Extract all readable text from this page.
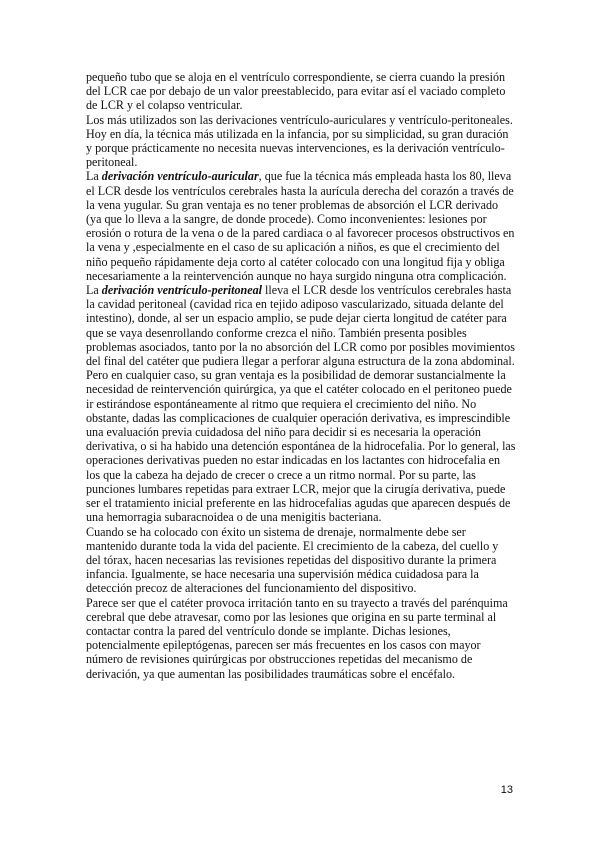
pequeño tubo que se aloja en el ventrículo correspondiente, se cierra cuando la presión del LCR cae por debajo de un valor preestablecido, para evitar así el vaciado completo de LCR y el colapso ventricular.

Los más utilizados son las derivaciones ventrículo-auriculares y ventrículo-peritoneales. Hoy en día, la técnica más utilizada en la infancia, por su simplicidad, su gran duración y porque prácticamente no necesita nuevas intervenciones, es la derivación ventrículo-peritoneal.

La derivación ventrículo-auricular, que fue la técnica más empleada hasta los 80, lleva el LCR desde los ventrículos cerebrales hasta la aurícula derecha del corazón a través de la vena yugular. Su gran ventaja es no tener problemas de absorción el LCR derivado (ya que lo lleva a la sangre, de donde procede). Como inconvenientes: lesiones por erosión o rotura de la vena o de la pared cardiaca o al favorecer procesos obstructivos en la vena y ,especialmente en el caso de su aplicación a niños, es que el crecimiento del niño pequeño rápidamente deja corto al catéter colocado con una longitud fija y obliga necesariamente a la reintervención aunque no haya surgido ninguna otra complicación.

La derivación ventrículo-peritoneal lleva el LCR desde los ventrículos cerebrales hasta la cavidad peritoneal (cavidad rica en tejido adiposo vascularizado, situada delante del intestino), donde, al ser un espacio amplio, se pude dejar cierta longitud de catéter para que se vaya desenrollando conforme crezca el niño. También presenta posibles problemas asociados, tanto por la no absorción del LCR como por posibles movimientos del final del catéter que pudiera llegar a perforar alguna estructura de la zona abdominal. Pero en cualquier caso, su gran ventaja es la posibilidad de demorar sustancialmente la necesidad de reintervención quirúrgica, ya que el catéter colocado en el peritoneo puede ir estirándose espontáneamente al ritmo que requiera el crecimiento del niño. No obstante, dadas las complicaciones de cualquier operación derivativa, es imprescindible una evaluación previa cuidadosa del niño para decidir si es necesaria la operación derivativa, o si ha habido una detención espontánea de la hidrocefalia. Por lo general, las operaciones derivativas pueden no estar indicadas en los lactantes con hidrocefalia en los que la cabeza ha dejado de crecer o crece a un ritmo normal. Por su parte, las punciones lumbares repetidas para extraer LCR, mejor que la cirugía derivativa, puede ser el tratamiento inicial preferente en las hidrocefalias agudas que aparecen después de una hemorragia subaracnoidea o de una menigitis bacteriana.

Cuando se ha colocado con éxito un sistema de drenaje, normalmente debe ser mantenido durante toda la vida del paciente. El crecimiento de la cabeza, del cuello y del tórax, hacen necesarias las revisiones repetidas del dispositivo durante la primera infancia. Igualmente, se hace necesaria una supervisión médica cuidadosa para la detección precoz de alteraciones del funcionamiento del dispositivo.

Parece ser que el catéter provoca irritación tanto en su trayecto a través del parénquima cerebral que debe atravesar, como por las lesiones que origina en su parte terminal al contactar contra la pared del ventrículo donde se implante. Dichas lesiones, potencialmente epileptógenas, parecen ser más frecuentes en los casos con mayor número de revisiones quirúrgicas por obstrucciones repetidas del mecanismo de derivación, ya que aumentan las posibilidades traumáticas sobre el encéfalo.

13
